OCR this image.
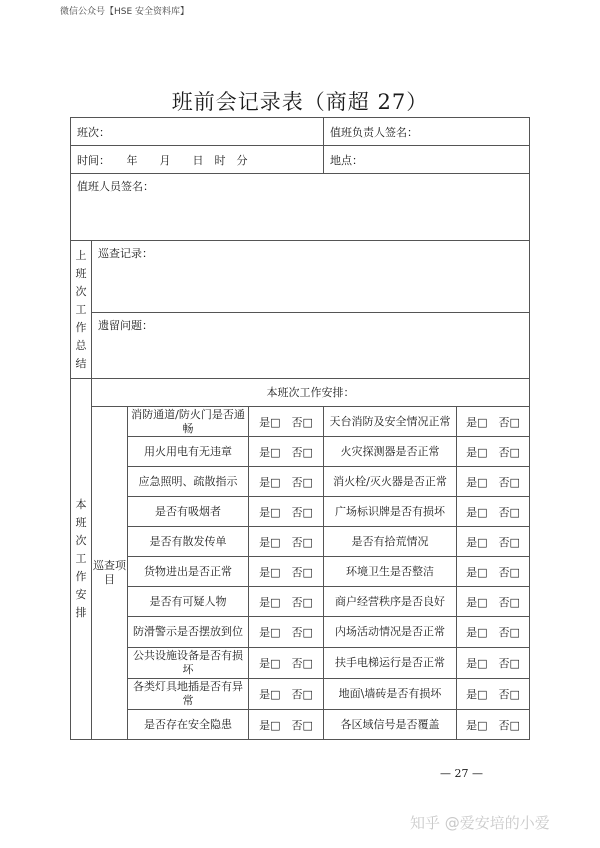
微信公众号【HSE 安全资料库】
班前会记录表（商超 27）
班次：				值班负责人签名：	
时间：　　年　　月　　日　时　分				地点：	
值班人员签名：					
上班次工作总结	巡查记录：				
	遗留问题：				
本班次工作安排	本班次工作安排：				
	巡查项目	消防通道/防火门是否通畅	是□　否□	天台消防及安全情况正常	是□　否□
		用火用电有无违章	是□　否□	火灾探测器是否正常	是□　否□
		应急照明、疏散指示	是□　否□	消火栓/灭火器是否正常	是□　否□
		是否有吸烟者	是□　否□	广场标识牌是否有损坏	是□　否□
		是否有散发传单	是□　否□	是否有拾荒情况	是□　否□
		货物进出是否正常	是□　否□	环境卫生是否整洁	是□　否□
		是否有可疑人物	是□　否□	商户经营秩序是否良好	是□　否□
		防滑警示是否摆放到位	是□　否□	内场活动情况是否正常	是□　否□
		公共设施设备是否有损坏	是□　否□	扶手电梯运行是否正常	是□　否□
		各类灯具地插是否有异常	是□　否□	地面\墙砖是否有损坏	是□　否□
		是否存在安全隐患	是□　否□	各区域信号是否覆盖	是□　否□
— 27 —
知乎 @爱安培的小爱
